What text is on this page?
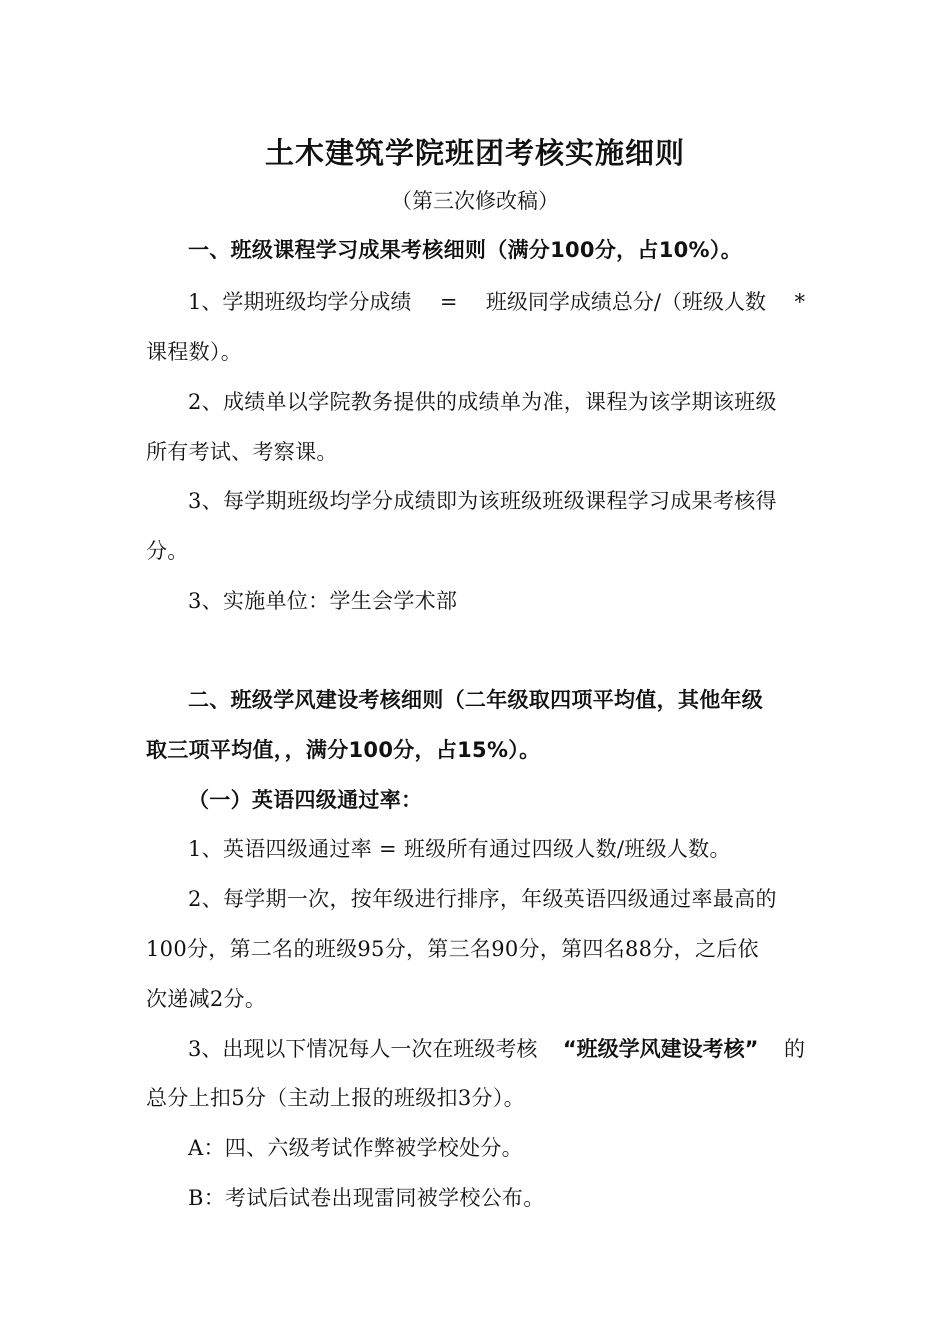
土木建筑学院班团考核实施细则
（第三次修改稿）
一、班级课程学习成果考核细则（满分100分，占10%）。
1、学期班级均学分成绩 = 班级同学成绩总分/（班级人数 *
课程数）。
2、成绩单以学院教务提供的成绩单为准，课程为该学期该班级
所有考试、考察课。
3、每学期班级均学分成绩即为该班级班级课程学习成果考核得
分。
3、实施单位：学生会学术部
二、班级学风建设考核细则（二年级取四项平均值，其他年级
取三项平均值，，满分100分，占15%）。
（一）英语四级通过率：
1、英语四级通过率 = 班级所有通过四级人数/班级人数。
2、每学期一次，按年级进行排序，年级英语四级通过率最高的
100分，第二名的班级95分，第三名90分，第四名88分，之后依
次递减2分。
3、出现以下情况每人一次在班级考核 “班级学风建设考核” 的
总分上扣5分（主动上报的班级扣3分）。
A：四、六级考试作弊被学校处分。
B：考试后试卷出现雷同被学校公布。
